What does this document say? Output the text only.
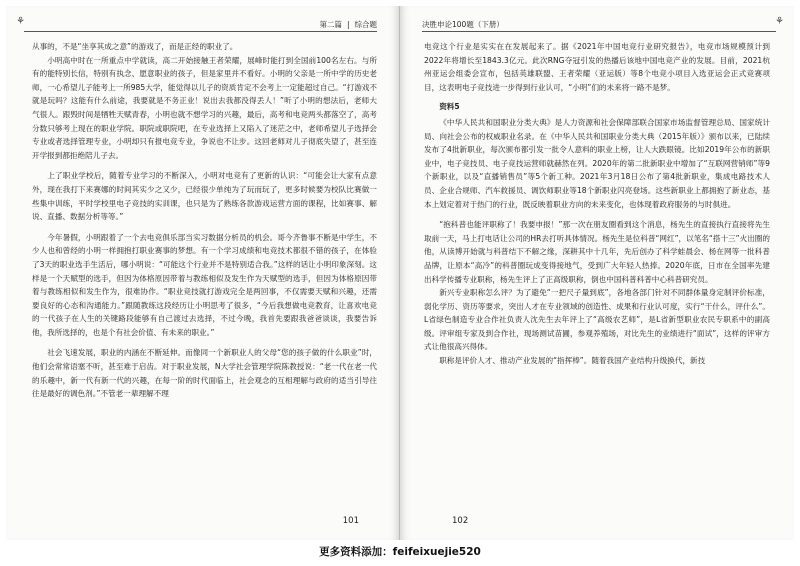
⚘	第二篇 | 综合题

从事的，不是“坐享其成之意”的游戏了，而是正经的职业了。

小明高中时在一所重点中学就读，高二开始接触王者荣耀，展峰时能打到全国前100名左右。与所有的能特别长信，特别有执念、愿意职业的孩子，但是家里并不看好。小明的父亲是一所中学的历史老师，一心希望儿子能考上一所985大学，能觉得以儿子的资质肯定不会考上一定能超过自己。“打游戏不就是玩吗？这能有什么前途，我要就是不务正业！说出去我都没得丢人！”听了小明的想法后，老师大气很人。跟毁时间是牺牲天赋青春，小明也就不想学习的兴趣，最后，高考和电竞两头都落空了，高考分数只够考上现在的职业学院。职院或职院吧，在专业选择上又陷入了迷茫之中，老师希望儿子选择会专业或者选择管理专业，小明却只有报电竞专业，争说也不让步。这回老师对儿子彻底失望了，甚至连开学报到都拒绝陪儿子去。

上了职业学校后，随着专业学习的不断深入，小明对电竞有了更新的认识：“可能会让大家有点意外，现在我打下来赛娜的时间其实少之又少，已经很少单纯为了玩而玩了，更多时候要为校队比赛做一些集中训练，平时学校里电子竞技的实训课，也只是为了熟练各款游戏运营方面的课程，比如赛事、解说、直播、数据分析等等。”

今年暑假，小明跟着了一个去电竞俱乐部当实习数据分析员的机会。哥今齐鲁事不断是中学生，不少人也和曾经的小明一样拥抱打职业赛事的梦想。有一个学习成绩和电竞技术都很不错的孩子，在体验了3天的职业选手生活后，哪小明说：“可能这个行业并不是特别适合我。”这样的话让小明印象深刻。这样是一个天赋型的选手，但因为体格原因带着与教练相似及发生作为天赋型的选手，但因为体格原因带着与教练相似和发生作为，很难协作。“职业竞技就打游戏完全是两回事，不仅需要天赋和兴趣，还需要良好的心态和沟通能力。”跟随教练这段经历让小明思考了很多，“今后我想做电竞教育，让喜欢电竞的一代孩子在人生的关键路段能够有自己渡过去选择，不过今晚，我首先要跟我爸爸谈谈，我要告诉他，我所选择的，也是个有社会价值、有未来的职业。”

社会飞速发展，职业的内涵在不断延伸。而像同一个新职业人的父母“您的孩子做的什么职业”时，他们会常常语塞不听，甚至难于启齿。对于职业发展，N大学社会管理学院陈教授说：“老一代在老一代的乐趣中，新一代有新一代的兴趣，在每一阶的时代面临上，社会观念的互相理解与政府的适当引导往往是最好的调色剂。”不管老一辈理解不理

101
⚘
决胜申论100题（下册）

电竞这个行业是实实在在发展起来了。据《2021年中国电竞行业研究报告》，电竞市场规模预计到2022年将增长至1843.3亿元。此次RNG夺冠引发的热播后该地中国电竞产业的发展。目前，2021杭州亚运会组委会宣布，包括英雄联盟、王者荣耀（亚运版）等8个电竞小项目入选亚运会正式竞赛项目，这表明电子竞技进一步得到行业认可，“小明”们的未来将一路不是梦。

资料5

《中华人民共和国职业分类大典》是人力资源和社会保障部联合国家市场监督管理总局、国家统计局、向社会公布的权威职业名录。在《中华人民共和国职业分类大典（2015年版）》颁布以来，已陆续发布了4批新职业，每次颁布都引发一批令人意料的职业上榜，让人大跌眼镜。比如2019年公布的新职业中，电子竞技员、电子竞技运营师就赫然在列。2020年的第二批新职业中增加了“互联网营销师”等9个新职业，以及“直播销售员”等5个新工种。2021年3月18日公布了第4批新职业，集成电路技术人员、企业合规师、汽车救援员、调饮师职业等18个新职业闪亮登场。这些新职业上都拥抱了新业态，基本上划定着对于热门的行业，既反映着职业方向的未来变化，也体现着政府服务的与时俱进。

“抱科普也能评职称了！我要申报！”那一次在朋友圈看到这个消息，杨先生的直接执行直接将先生取前一天，马上打电话让公司的HR去打听具体情况。杨先生是位科普“网红”，以笔名“搭十三”火出圈的他，从读博开始就与科普结下不解之缘，深耕其中十几年，先后创办了科学蛙晨会、杨在网等一批科普品牌，让原本“高冷”的科普圈玩成变得接地气，受到广大年轻人热捧。2020年底，日市在全国率先建出科学传播专业职称，杨先生评上了正高级职称，倒也中国科普科普中心科普研究员。

新兴专业职称怎么评？为了避免“一把尺子量到底”，各地各部门针对不同群体量身定制评价标准，弱化学历、资历等要求，突出人才在专业领域的创造性、成果和行业认可度，实行“干什么，评什么”。L省绿色制造专业合作社负责人沈先生去年评上了“高级农艺师”，是L省新型职业农民专职系中的副高级。评审组专家及到合作社，现场测试苗圃，参观养殖场，对比先生的业绩进行“面试”，这样的评审方式让他很高兴得体。

职称是评价人才、推动产业发展的“指挥棒”。随着我国产业结构升级换代，新技

102
更多资料添加：feifeixuejie520
